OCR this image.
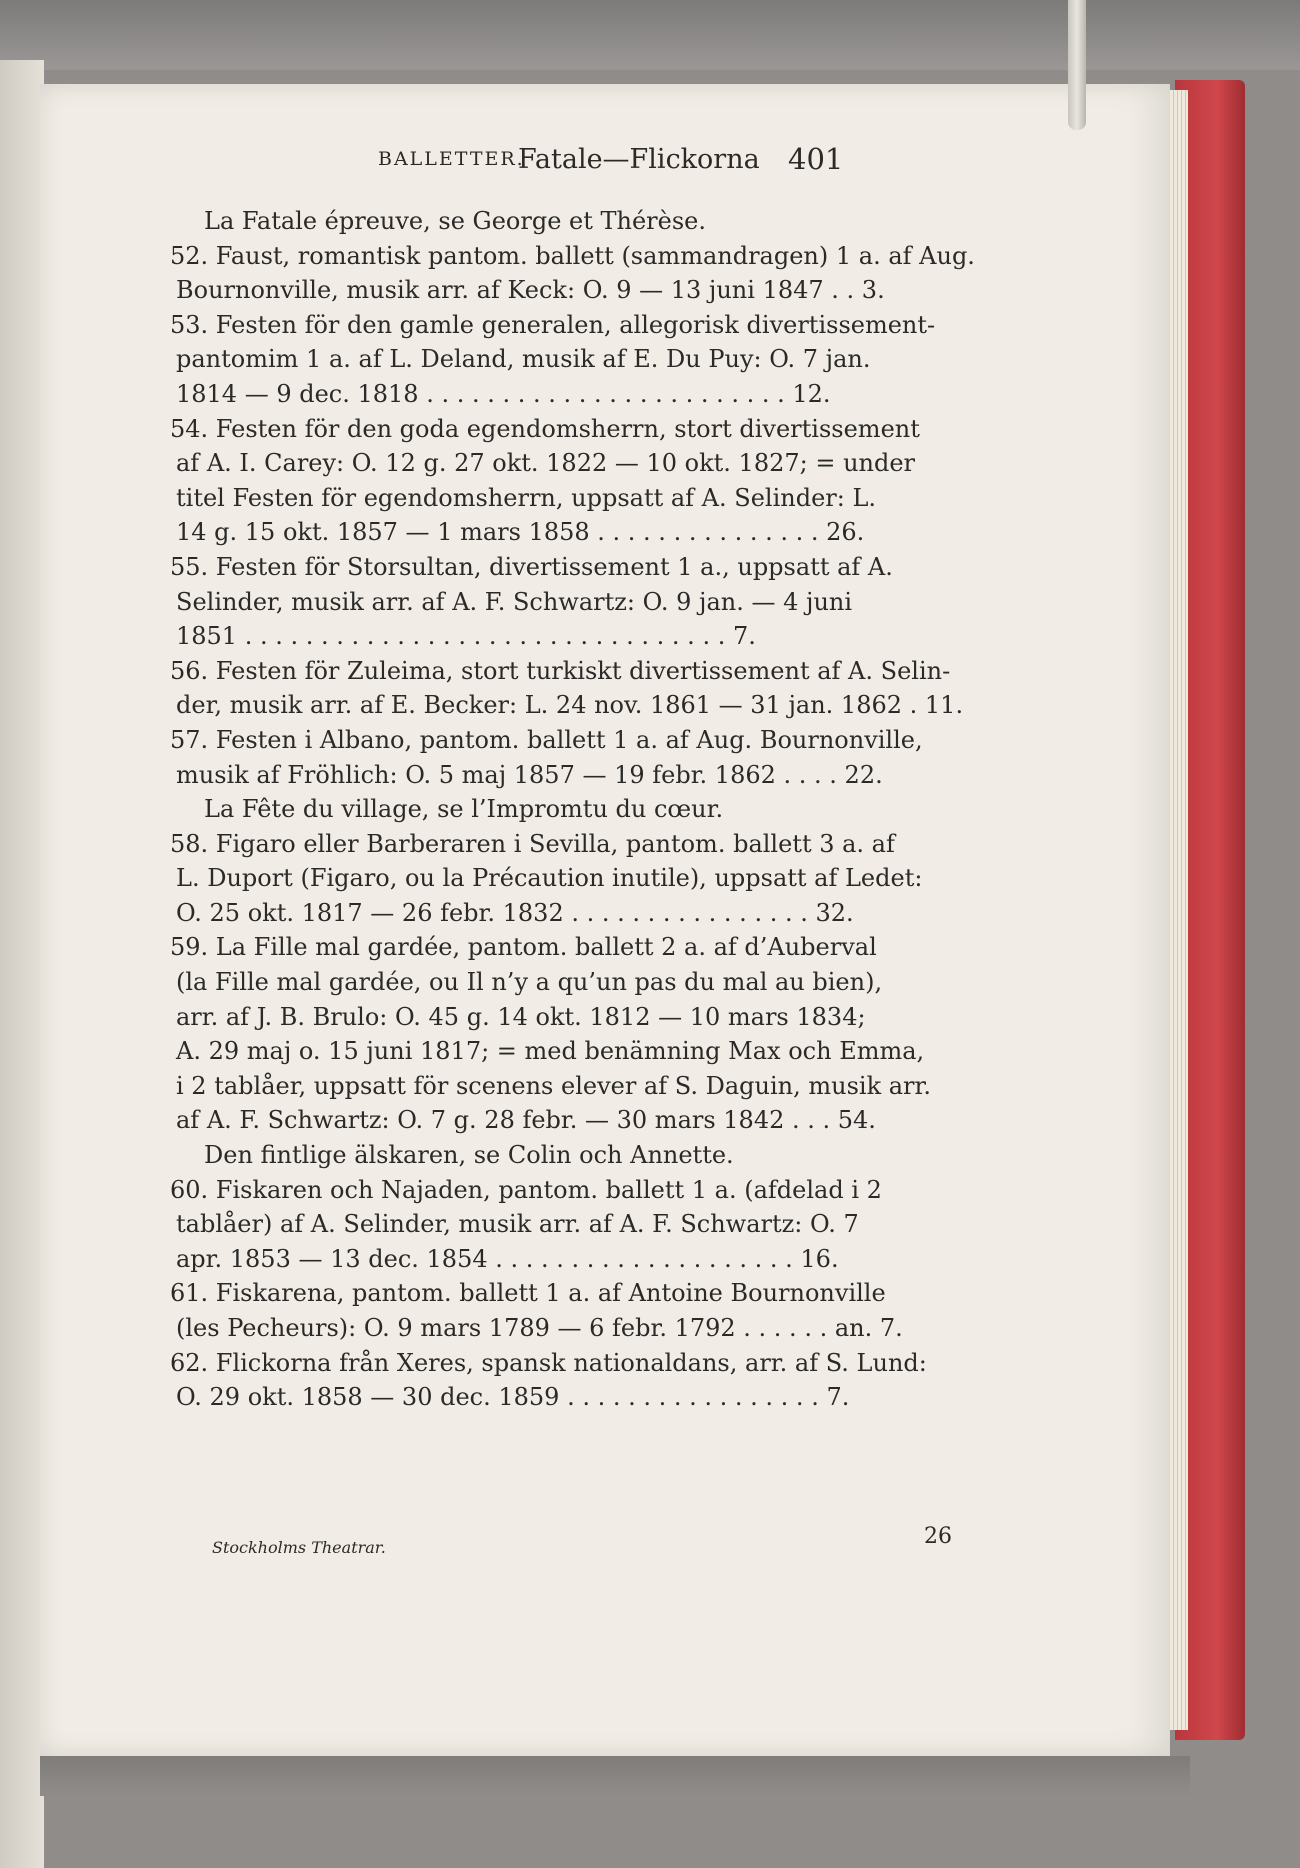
BALLETTER.
Fatale—Flickorna 401
La Fatale épreuve, se George et Thérèse.
52. Faust, romantisk pantom. ballett (sammandragen) 1 a. af Aug.
Bournonville, musik arr. af Keck: O. 9 — 13 juni 1847 . . 3.
53. Festen för den gamle generalen, allegorisk divertissement-
pantomim 1 a. af L. Deland, musik af E. Du Puy: O. 7 jan.
1814 — 9 dec. 1818 . . . . . . . . . . . . . . . . . . . . . . . . 12.
54. Festen för den goda egendomsherrn, stort divertissement
af A. I. Carey: O. 12 g. 27 okt. 1822 — 10 okt. 1827; = under
titel Festen för egendomsherrn, uppsatt af A. Selinder: L.
14 g. 15 okt. 1857 — 1 mars 1858 . . . . . . . . . . . . . . . 26.
55. Festen för Storsultan, divertissement 1 a., uppsatt af A.
Selinder, musik arr. af A. F. Schwartz: O. 9 jan. — 4 juni
1851 . . . . . . . . . . . . . . . . . . . . . . . . . . . . . . . . 7.
56. Festen för Zuleima, stort turkiskt divertissement af A. Selin-
der, musik arr. af E. Becker: L. 24 nov. 1861 — 31 jan. 1862 . 11.
57. Festen i Albano, pantom. ballett 1 a. af Aug. Bournonville,
musik af Fröhlich: O. 5 maj 1857 — 19 febr. 1862 . . . . 22.
La Fête du village, se l’Impromtu du cœur.
58. Figaro eller Barberaren i Sevilla, pantom. ballett 3 a. af
L. Duport (Figaro, ou la Précaution inutile), uppsatt af Ledet:
O. 25 okt. 1817 — 26 febr. 1832 . . . . . . . . . . . . . . . . 32.
59. La Fille mal gardée, pantom. ballett 2 a. af d’Auberval
(la Fille mal gardée, ou Il n’y a qu’un pas du mal au bien),
arr. af J. B. Brulo: O. 45 g. 14 okt. 1812 — 10 mars 1834;
A. 29 maj o. 15 juni 1817; = med benämning Max och Emma,
i 2 tablåer, uppsatt för scenens elever af S. Daguin, musik arr.
af A. F. Schwartz: O. 7 g. 28 febr. — 30 mars 1842 . . . 54.
Den fintlige älskaren, se Colin och Annette.
60. Fiskaren och Najaden, pantom. ballett 1 a. (afdelad i 2
tablåer) af A. Selinder, musik arr. af A. F. Schwartz: O. 7
apr. 1853 — 13 dec. 1854 . . . . . . . . . . . . . . . . . . . . 16.
61. Fiskarena, pantom. ballett 1 a. af Antoine Bournonville
(les Pecheurs): O. 9 mars 1789 — 6 febr. 1792 . . . . . . an. 7.
62. Flickorna från Xeres, spansk nationaldans, arr. af S. Lund:
O. 29 okt. 1858 — 30 dec. 1859 . . . . . . . . . . . . . . . . . 7.
Stockholms Theatrar.	26
